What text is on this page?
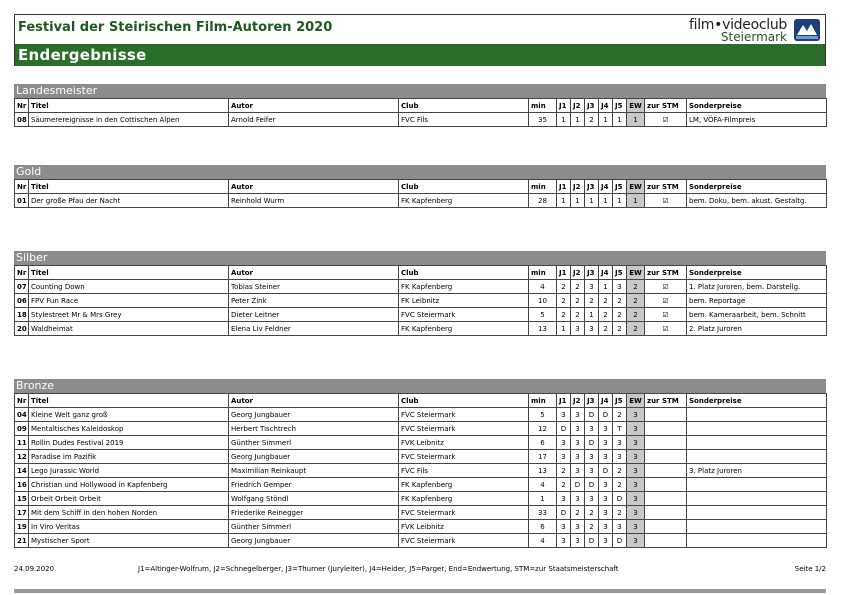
Festival der Steirischen Film-Autoren 2020	film•videoclub
Steiermark
Endergebnisse
Landesmeister
Nr	Titel	Autor	Club	min	J1	J2	J3	J4	J5	EW	zur STM	Sonderpreise
08	Säumerereignisse in den Cottischen Alpen	Arnold Feifer	FVC Fils	35	1	1	2	1	1	1	☑	LM, VÖFA-Filmpreis
Gold
Nr	Titel	Autor	Club	min	J1	J2	J3	J4	J5	EW	zur STM	Sonderpreise
01	Der große Pfau der Nacht	Reinhold Wurm	FK Kapfenberg	28	1	1	1	1	1	1	☑	bem. Doku, bem. akust. Gestaltg.
Silber
Nr	Titel	Autor	Club	min	J1	J2	J3	J4	J5	EW	zur STM	Sonderpreise
07	Counting Down	Tobias Steiner	FK Kapfenberg	4	2	2	3	1	3	2	☑	1. Platz Juroren, bem. Darstellg.
06	FPV Fun Race	Peter Zink	FK Leibnitz	10	2	2	2	2	2	2	☑	bem. Reportage
18	Stylestreet Mr & Mrs Grey	Dieter Leitner	FVC Steiermark	5	2	2	1	2	2	2	☑	bem. Kameraarbeit, bem. Schnitt
20	Waldheimat	Elena Liv Feldner	FK Kapfenberg	13	1	3	3	2	2	2	☑	2. Platz Juroren
Bronze
Nr	Titel	Autor	Club	min	J1	J2	J3	J4	J5	EW	zur STM	Sonderpreise
04	Kleine Welt ganz groß	Georg Jungbauer	FVC Steiermark	5	3	3	D	D	2	3		
09	Mentaltisches Kaleidoskop	Herbert Tischtrech	FVC Steiermark	12	D	3	3	3	T	3		
11	Rollin Dudes Festival 2019	Günther Simmerl	FVK Leibnitz	6	3	3	D	3	3	3		
12	Paradise im Pazifik	Georg Jungbauer	FVC Steiermark	17	3	3	3	3	3	3		
14	Lego Jurassic World	Maximilian Reinkaupt	FVC Fils	13	2	3	3	D	2	3		3. Platz Juroren
16	Christian und Hollywood in Kapfenberg	Friedrich Gemper	FK Kapfenberg	4	2	D	D	3	2	3		
15	Orbeit Orbeit Orbeit	Wolfgang Stöndl	FK Kapfenberg	1	3	3	3	3	D	3		
17	Mit dem Schiff in den hohen Norden	Friederike Reinegger	FVC Steiermark	33	D	2	2	3	2	3		
19	In Viro Veritas	Günther Simmerl	FVK Leibnitz	6	3	3	2	3	3	3		
21	Mystischer Sport	Georg Jungbauer	FVC Steiermark	4	3	3	D	3	D	3		
24.09.2020	J1=Altinger-Wolfrum, J2=Schnegelberger, J3=Thurner (Juryleiter), J4=Heider, J5=Parger, End=Endwertung, STM=zur Staatsmeisterschaft	Seite 1/2
